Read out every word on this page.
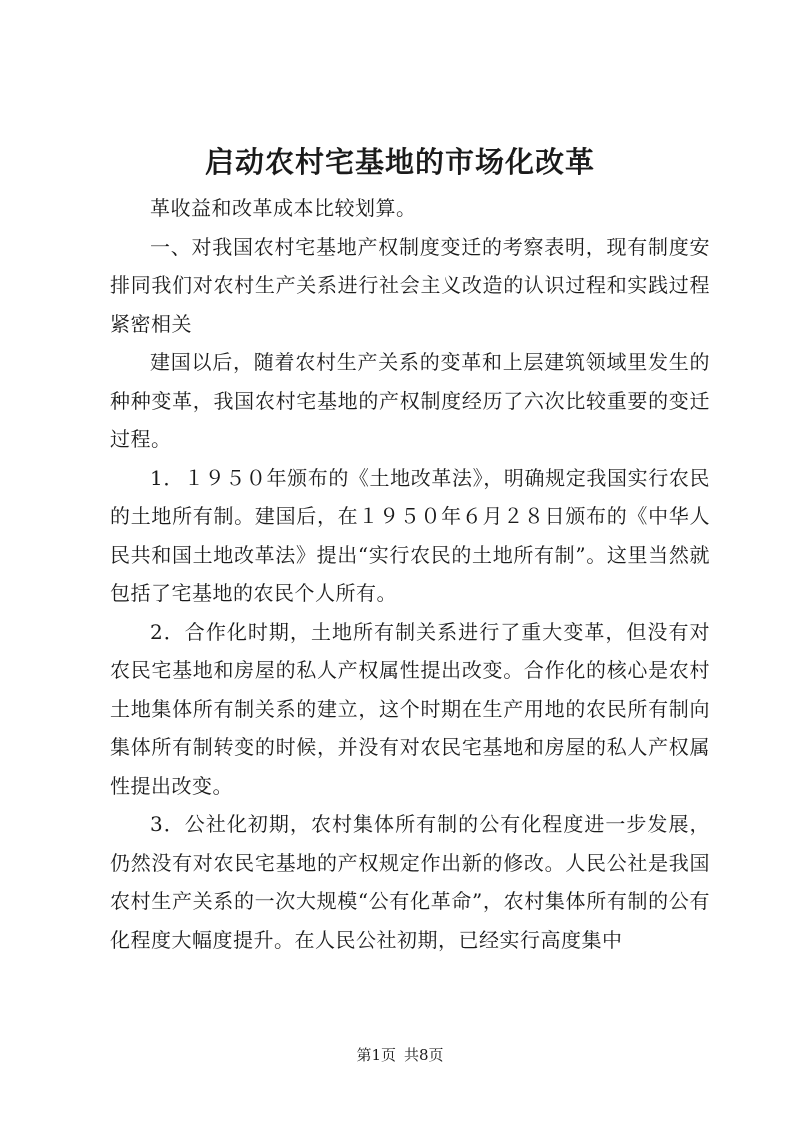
启动农村宅基地的市场化改革

革收益和改革成本比较划算。

一、对我国农村宅基地产权制度变迁的考察表明，现有制度安排同我们对农村生产关系进行社会主义改造的认识过程和实践过程紧密相关

建国以后，随着农村生产关系的变革和上层建筑领域里发生的种种变革，我国农村宅基地的产权制度经历了六次比较重要的变迁过程。

1．１９５０年颁布的《土地改革法》，明确规定我国实行农民的土地所有制。建国后，在１９５０年６月２８日颁布的《中华人民共和国土地改革法》提出“实行农民的土地所有制”。这里当然就包括了宅基地的农民个人所有。

2．合作化时期，土地所有制关系进行了重大变革，但没有对农民宅基地和房屋的私人产权属性提出改变。合作化的核心是农村土地集体所有制关系的建立，这个时期在生产用地的农民所有制向集体所有制转变的时候，并没有对农民宅基地和房屋的私人产权属性提出改变。

3．公社化初期，农村集体所有制的公有化程度进一步发展，仍然没有对农民宅基地的产权规定作出新的修改。人民公社是我国农村生产关系的一次大规模“公有化革命”，农村集体所有制的公有化程度大幅度提升。在人民公社初期，已经实行高度集中

第1页 共8页
